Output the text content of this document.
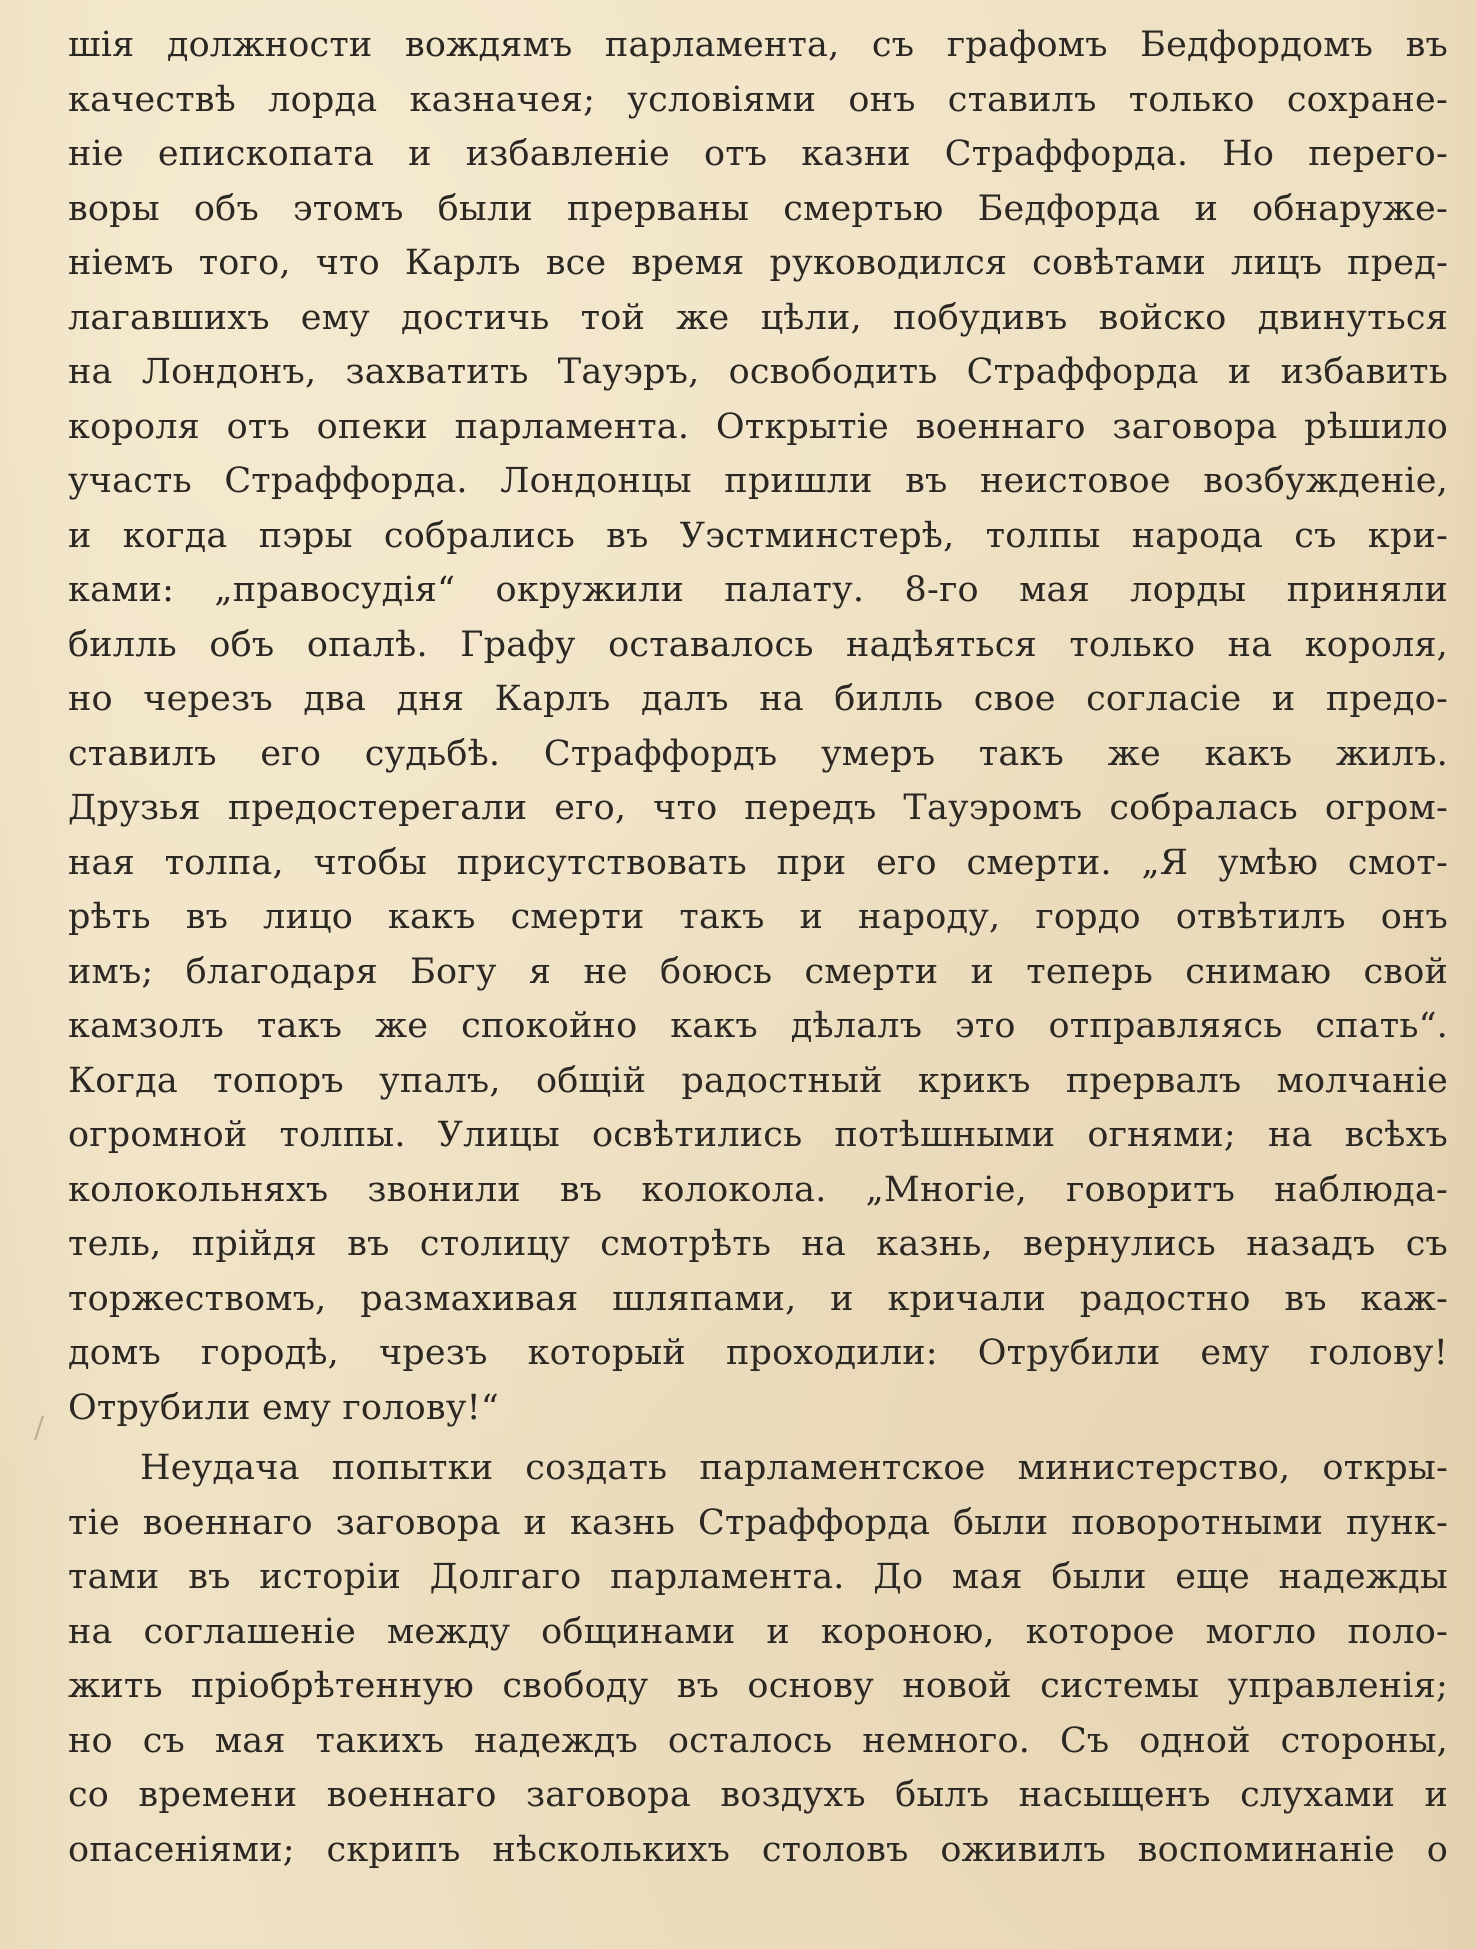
шія должности вождямъ парламента, съ графомъ Бедфордомъ въ
качествѣ лорда казначея; условіями онъ ставилъ только сохране-
ніе епископата и избавленіе отъ казни Страффорда. Но перего-
воры объ этомъ были прерваны смертью Бедфорда и обнаруже-
ніемъ того, что Карлъ все время руководился совѣтами лицъ пред-
лагавшихъ ему достичь той же цѣли, побудивъ войско двинуться
на Лондонъ, захватить Тауэръ, освободить Страффорда и избавить
короля отъ опеки парламента. Открытіе военнаго заговора рѣшило
участь Страффорда. Лондонцы пришли въ неистовое возбужденіе,
и когда пэры собрались въ Уэстминстерѣ, толпы народа съ кри-
ками: „правосудія“ окружили палату. 8-го мая лорды приняли
билль объ опалѣ. Графу оставалось надѣяться только на короля,
но черезъ два дня Карлъ далъ на билль свое согласіе и предо-
ставилъ его судьбѣ. Страффордъ умеръ такъ же какъ жилъ.
Друзья предостерегали его, что передъ Тауэромъ собралась огром-
ная толпа, чтобы присутствовать при его смерти. „Я умѣю смот-
рѣть въ лицо какъ смерти такъ и народу, гордо отвѣтилъ онъ
имъ; благодаря Богу я не боюсь смерти и теперь снимаю свой
камзолъ такъ же спокойно какъ дѣлалъ это отправляясь спать“.
Когда топоръ упалъ, общій радостный крикъ прервалъ молчаніе
огромной толпы. Улицы освѣтились потѣшными огнями; на всѣхъ
колокольняхъ звонили въ колокола. „Многіе, говоритъ наблюда-
тель, прійдя въ столицу смотрѣть на казнь, вернулись назадъ съ
торжествомъ, размахивая шляпами, и кричали радостно въ каж-
домъ городѣ, чрезъ который проходили: Отрубили ему голову!
Отрубили ему голову!“
Неудача попытки создать парламентское министерство, откры-
тіе военнаго заговора и казнь Страффорда были поворотными пунк-
тами въ исторіи Долгаго парламента. До мая были еще надежды
на соглашеніе между общинами и короною, которое могло поло-
жить пріобрѣтенную свободу въ основу новой системы управленія;
но съ мая такихъ надеждъ осталось немного. Съ одной стороны,
со времени военнаго заговора воздухъ былъ насыщенъ слухами и
опасеніями; скрипъ нѣсколькихъ столовъ оживилъ воспоминаніе о
